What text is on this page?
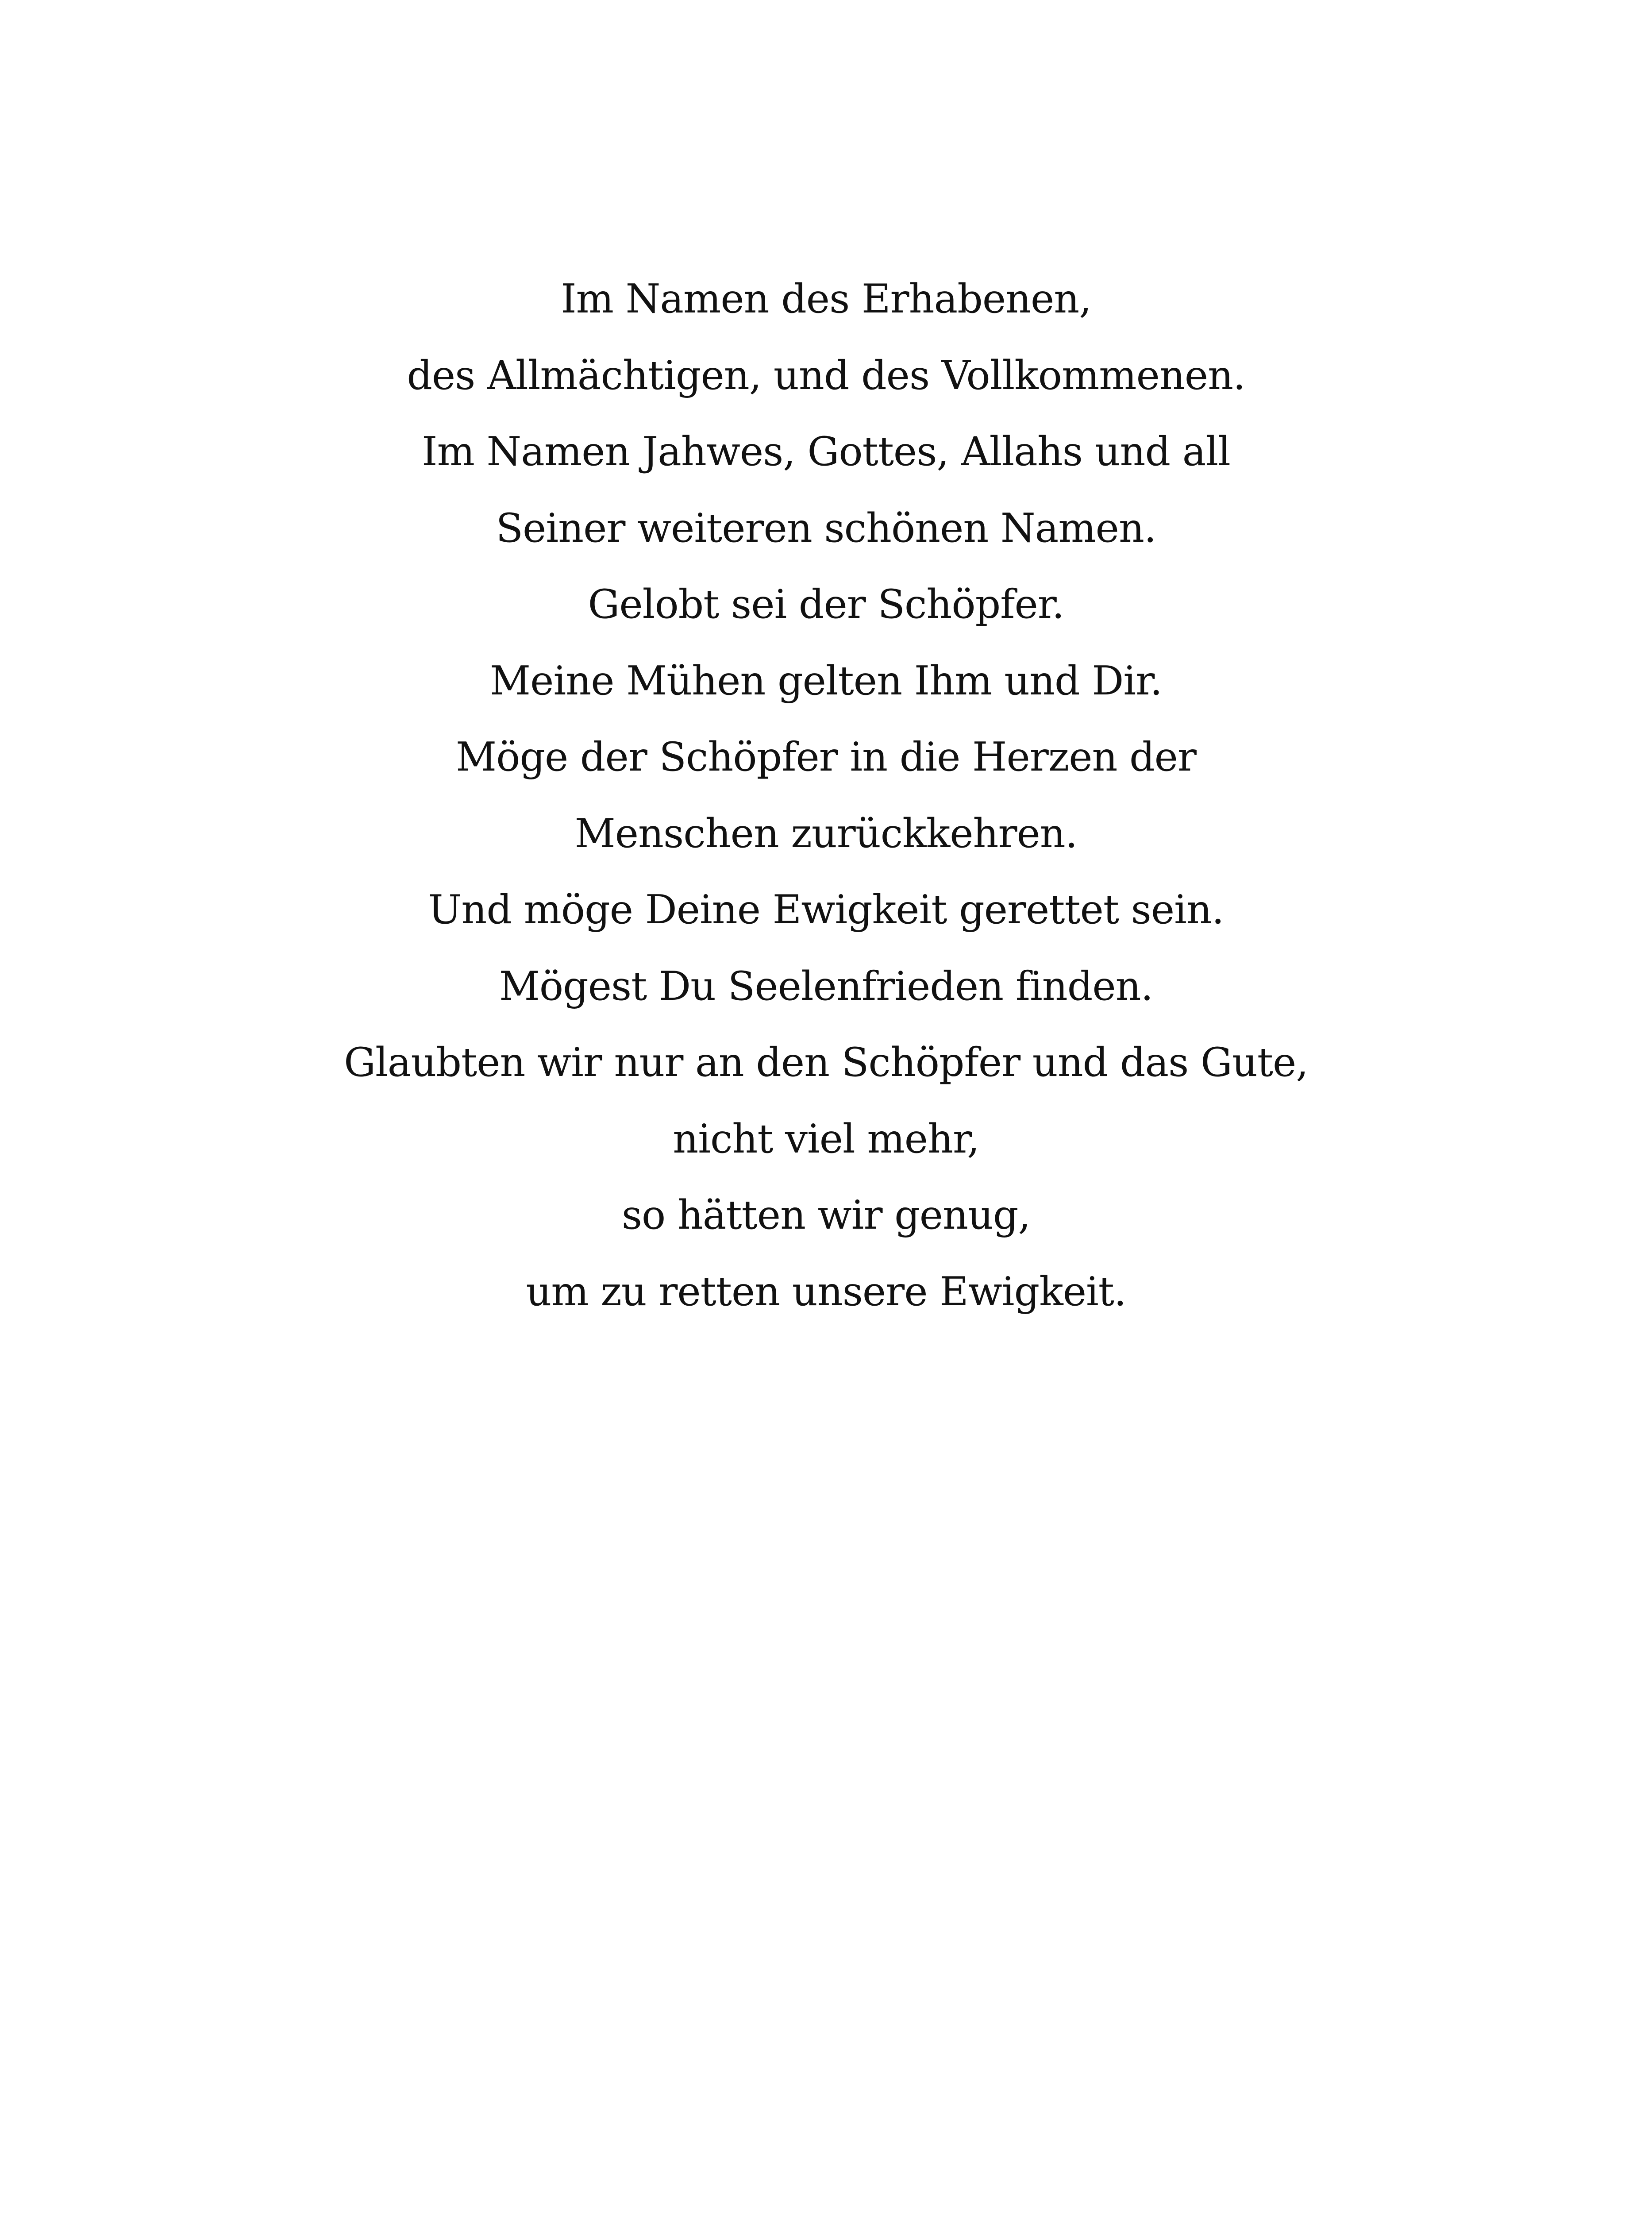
Im Namen des Erhabenen,
des Allmächtigen, und des Vollkommenen.
Im Namen Jahwes, Gottes, Allahs und all
Seiner weiteren schönen Namen.
Gelobt sei der Schöpfer.
Meine Mühen gelten Ihm und Dir.
Möge der Schöpfer in die Herzen der
Menschen zurückkehren.
Und möge Deine Ewigkeit gerettet sein.
Mögest Du Seelenfrieden finden.
Glaubten wir nur an den Schöpfer und das Gute,
nicht viel mehr,
so hätten wir genug,
um zu retten unsere Ewigkeit.
